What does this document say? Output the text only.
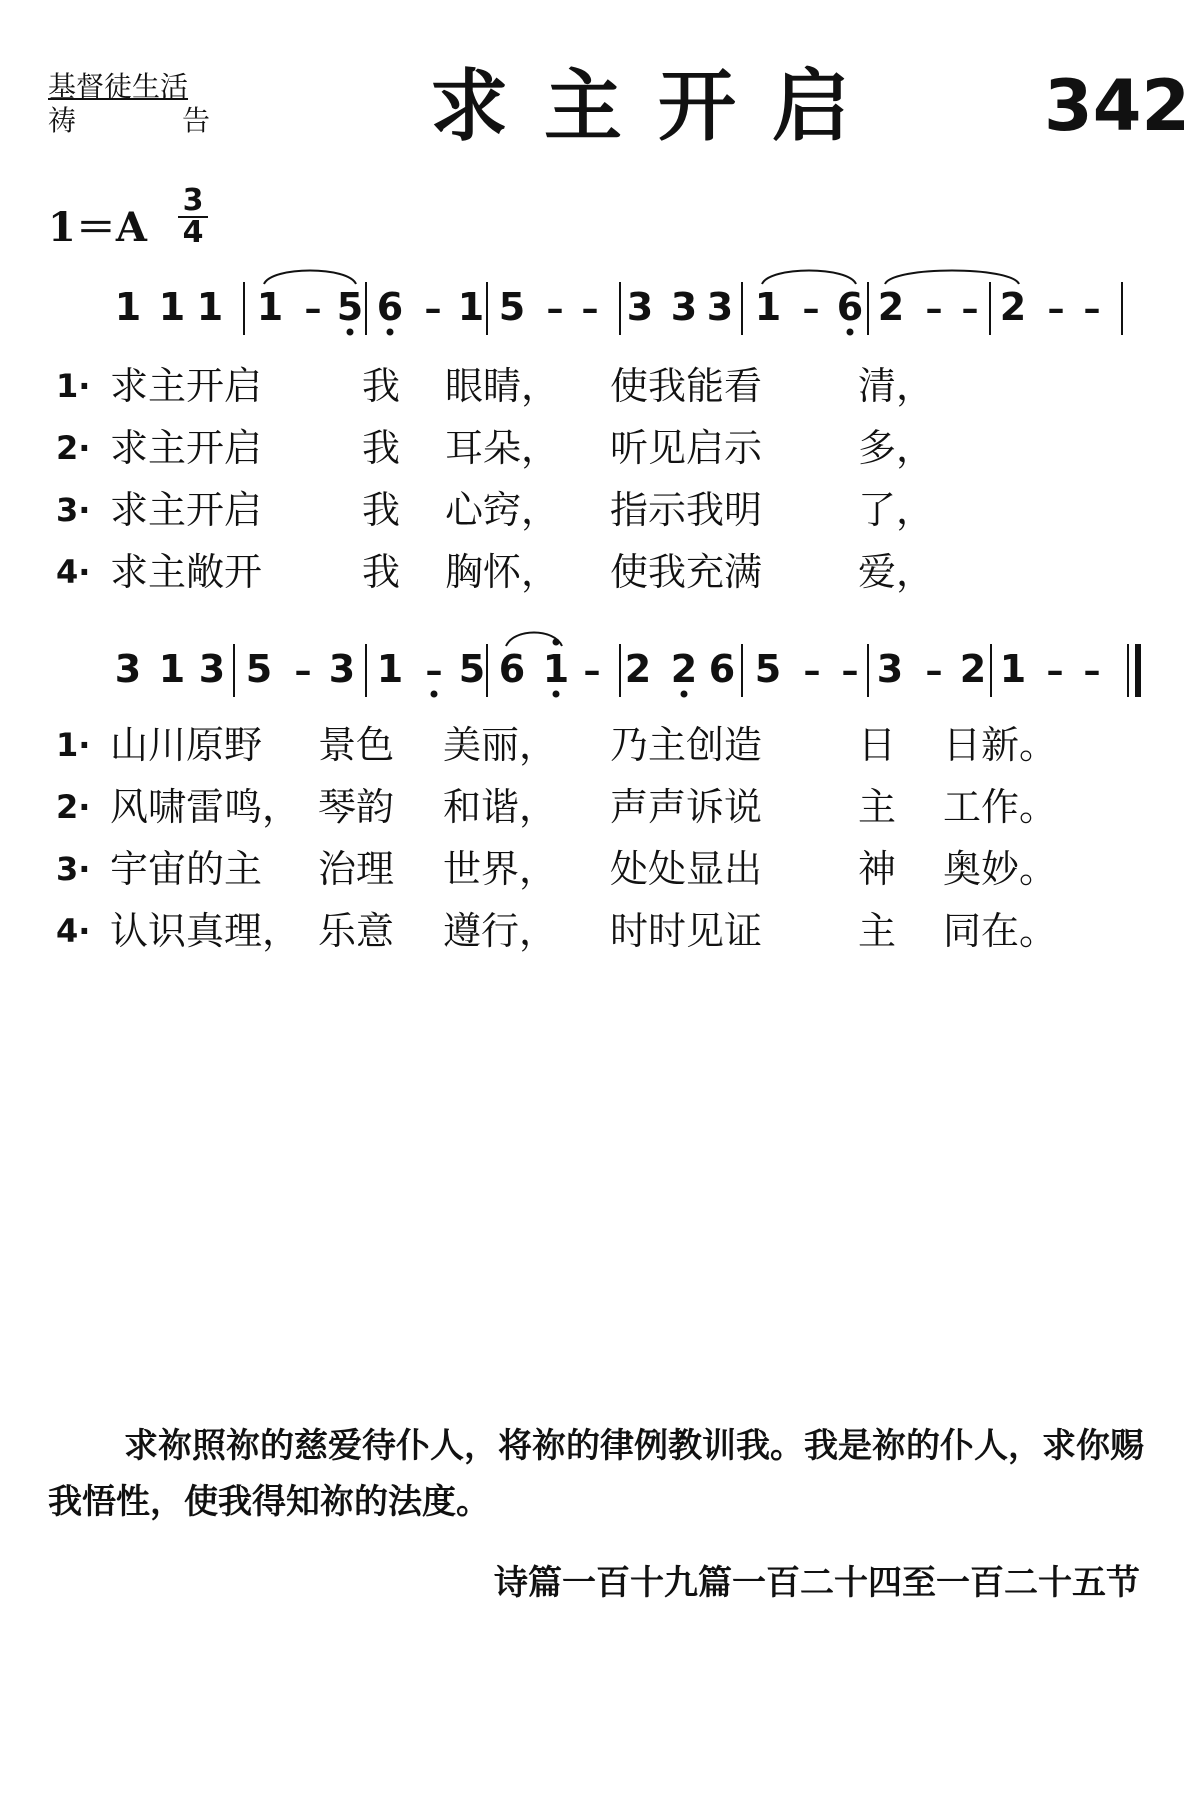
基督徒生活
祷	告	求主开启 342
$1=A \frac{3}{4}$
1 1 1 1 – 5 6 – 1 5 – – 3 3 3 1 – 6 2 – – 2 – –
1· 求主开启	我 眼睛， 使我能看	清，
2· 求主开启	我 耳朵， 听见启示	多，
3· 求主开启	我 心窍， 指示我明	了，
4· 求主敞开	我 胸怀， 使我充满	爱，
3 1 3 5 – 3 1 – 5 6 1 – 2 2 6 5 – – 3 – 2 1 – –
1· 山川原野 景色 美丽， 乃主创造	日 日新。
2· 风啸雷鸣， 琴韵 和谐， 声声诉说	主 工作。
3· 宇宙的主 治理 世界， 处处显出	神 奥妙。
4· 认识真理， 乐意 遵行， 时时见证	主 同在。
求祢照祢的慈爱待仆人，将祢的律例教训我。我是祢的仆人，求你赐我悟性，使我得知祢的法度。
诗篇一百十九篇一百二十四至一百二十五节
